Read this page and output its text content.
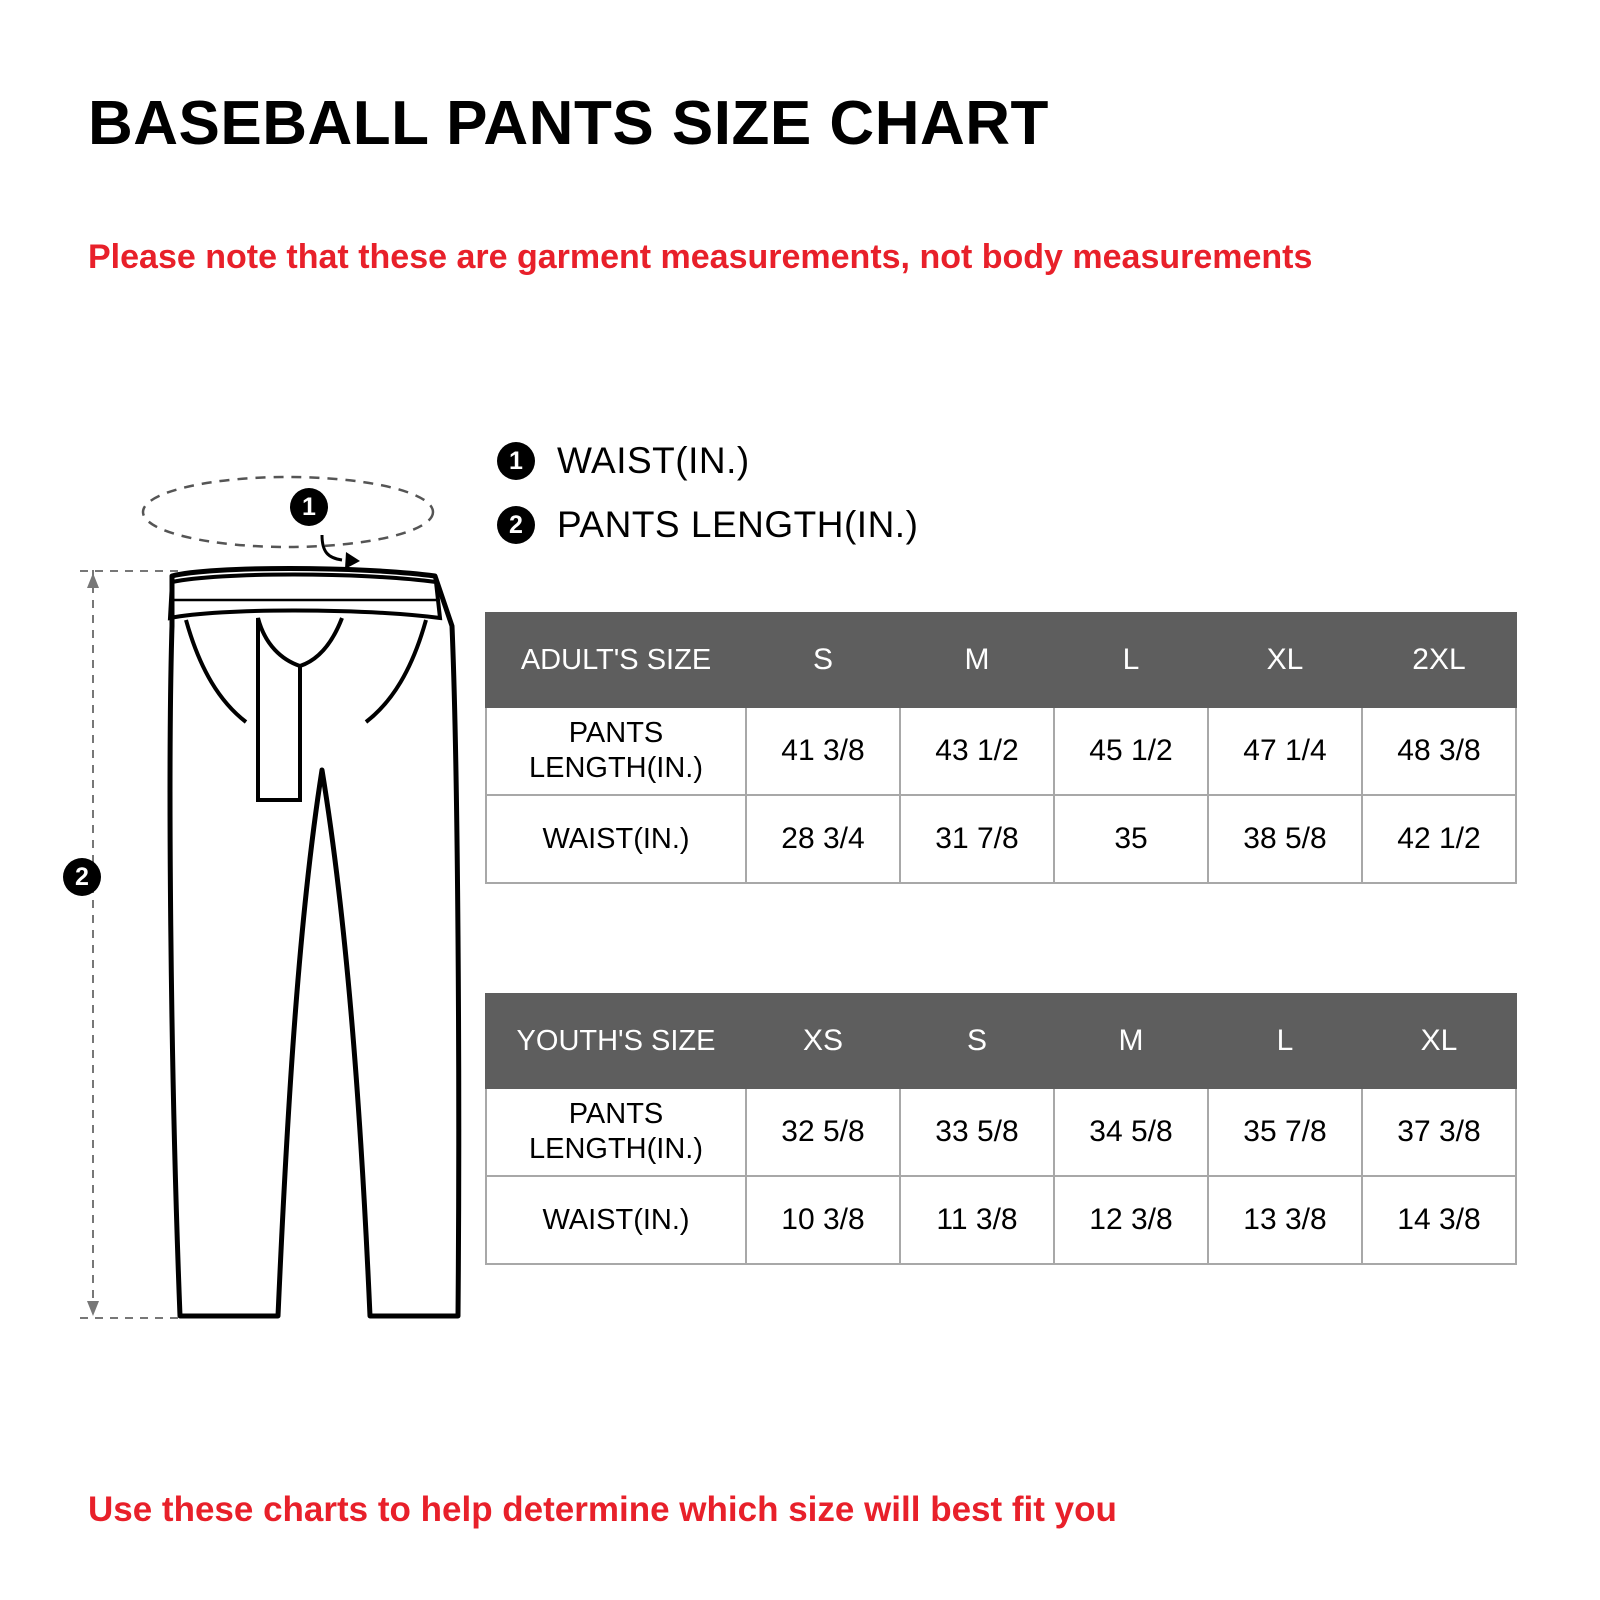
BASEBALL PANTS SIZE CHART
Please note that these are garment measurements, not body measurements
1 WAIST(IN.)
2 PANTS LENGTH(IN.)
1
2
ADULT'S SIZE	S	M	L	XL	2XL
PANTS LENGTH(IN.)	41 3/8	43 1/2	45 1/2	47 1/4	48 3/8
WAIST(IN.)	28 3/4	31 7/8	35	38 5/8	42 1/2
YOUTH'S SIZE	XS	S	M	L	XL
PANTS LENGTH(IN.)	32 5/8	33 5/8	34 5/8	35 7/8	37 3/8
WAIST(IN.)	10 3/8	11 3/8	12 3/8	13 3/8	14 3/8
Use these charts to help determine which size will best fit you
